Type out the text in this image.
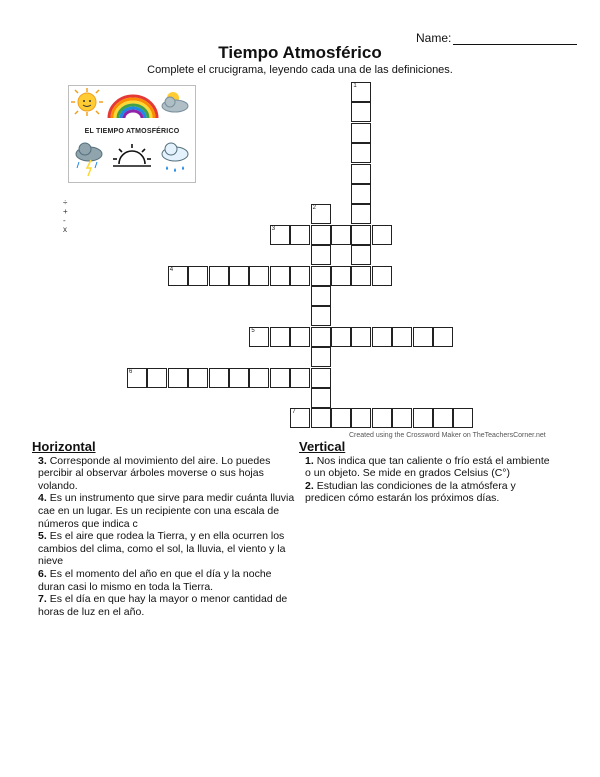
Name:
Tiempo Atmosférico
Complete el crucigrama, leyendo cada una de las definiciones.
EL TIEMPO ATMOSFÉRICO
÷
+
-
x
1
2
3
4
5
6
7
Created using the Crossword Maker on TheTeachersCorner.net
Horizontal

3. Corresponde al movimiento del aire. Lo puedes percibir al observar árboles moverse o sus hojas volando.

4. Es un instrumento que sirve para medir cuánta lluvia cae en un lugar. Es un recipiente con una escala de números que indica c

5. Es el aire que rodea la Tierra, y en ella ocurren los cambios del clima, como el sol, la lluvia, el viento y la nieve

6. Es el momento del año en que el día y la noche duran casi lo mismo en toda la Tierra.

7. Es el día en que hay la mayor o menor cantidad de horas de luz en el año.

Vertical

1. Nos indica que tan caliente o frío está el ambiente o un objeto. Se mide en grados Celsius (C°)

2. Estudian las condiciones de la atmósfera y predicen cómo estarán los próximos días.
